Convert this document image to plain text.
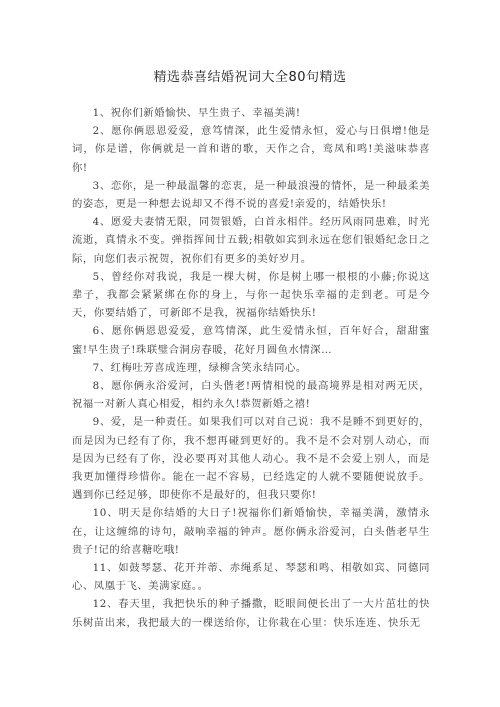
精选恭喜结婚祝词大全80句精选

1、祝你们新婚愉快、早生贵子、幸福美满!

2、愿你俩恩恩爱爱，意笃情深，此生爱情永恒，爱心与日俱增!他是词，你是谱，你俩就是一首和谐的歌，天作之合，鸾凤和鸣!美滋味恭喜你!

3、恋你，是一种最温馨的恋衷，是一种最浪漫的情怀，是一种最柔美的姿态，更是一种想去说却又不得不说的喜爱!亲爱的，结婚快乐!

4、愿爱夫妻情无限，同贺银婚，白首永相伴。经历风雨同患难，时光流逝，真情永不变。弹指挥间廿五载;相敬如宾到永远在您们银婚纪念日之际，向您们表示祝贺，祝你们有更多的美好岁月。

5、曾经你对我说，我是一棵大树，你是树上哪一根根的小藤;你说这辈子，我都会紧紧绑在你的身上，与你一起快乐幸福的走到老。可是今天，你要结婚了，可新郎不是我，祝福你结婚快乐!

6、愿你俩恩恩爱爱，意笃情深，此生爱情永恒，百年好合，甜甜蜜蜜!早生贵子!珠联璧合洞房春暖，花好月圆鱼水情深…

7、红梅吐芳喜成连理，绿柳含笑永结同心。

8、愿你俩永浴爱河，白头偕老!两情相悦的最高境界是相对两无厌，祝福一对新人真心相爱，相约永久!恭贺新婚之禧!

9、爱，是一种责任。如果我们可以对自己说：我不是睡不到更好的，而是因为已经有了你，我不想再碰到更好的。我不是不会对别人动心，而是因为已经有了你，没必要再对其他人动心。我不是不会爱上别人，而是我更加懂得珍惜你。能在一起不容易，已经选定的人就不要随便说放手。遇到你已经足够，即使你不是最好的，但我只要你!

10、明天是你结婚的大日子!祝福你们新婚愉快，幸福美满，激情永在，让这缠绵的诗句，敲响幸福的钟声。愿你俩永浴爱河，白头偕老早生贵子!记的给喜糖吃哦!

11、如鼓琴瑟、花开并蒂、赤绳系足、琴瑟和鸣、相敬如宾、同德同心、凤凰于飞、美满家庭。。

12、春天里，我把快乐的种子播撒，眨眼间便长出了一大片茁壮的快乐树苗出来，我把最大的一棵送给你，让你栽在心里：快乐连连、快乐无
